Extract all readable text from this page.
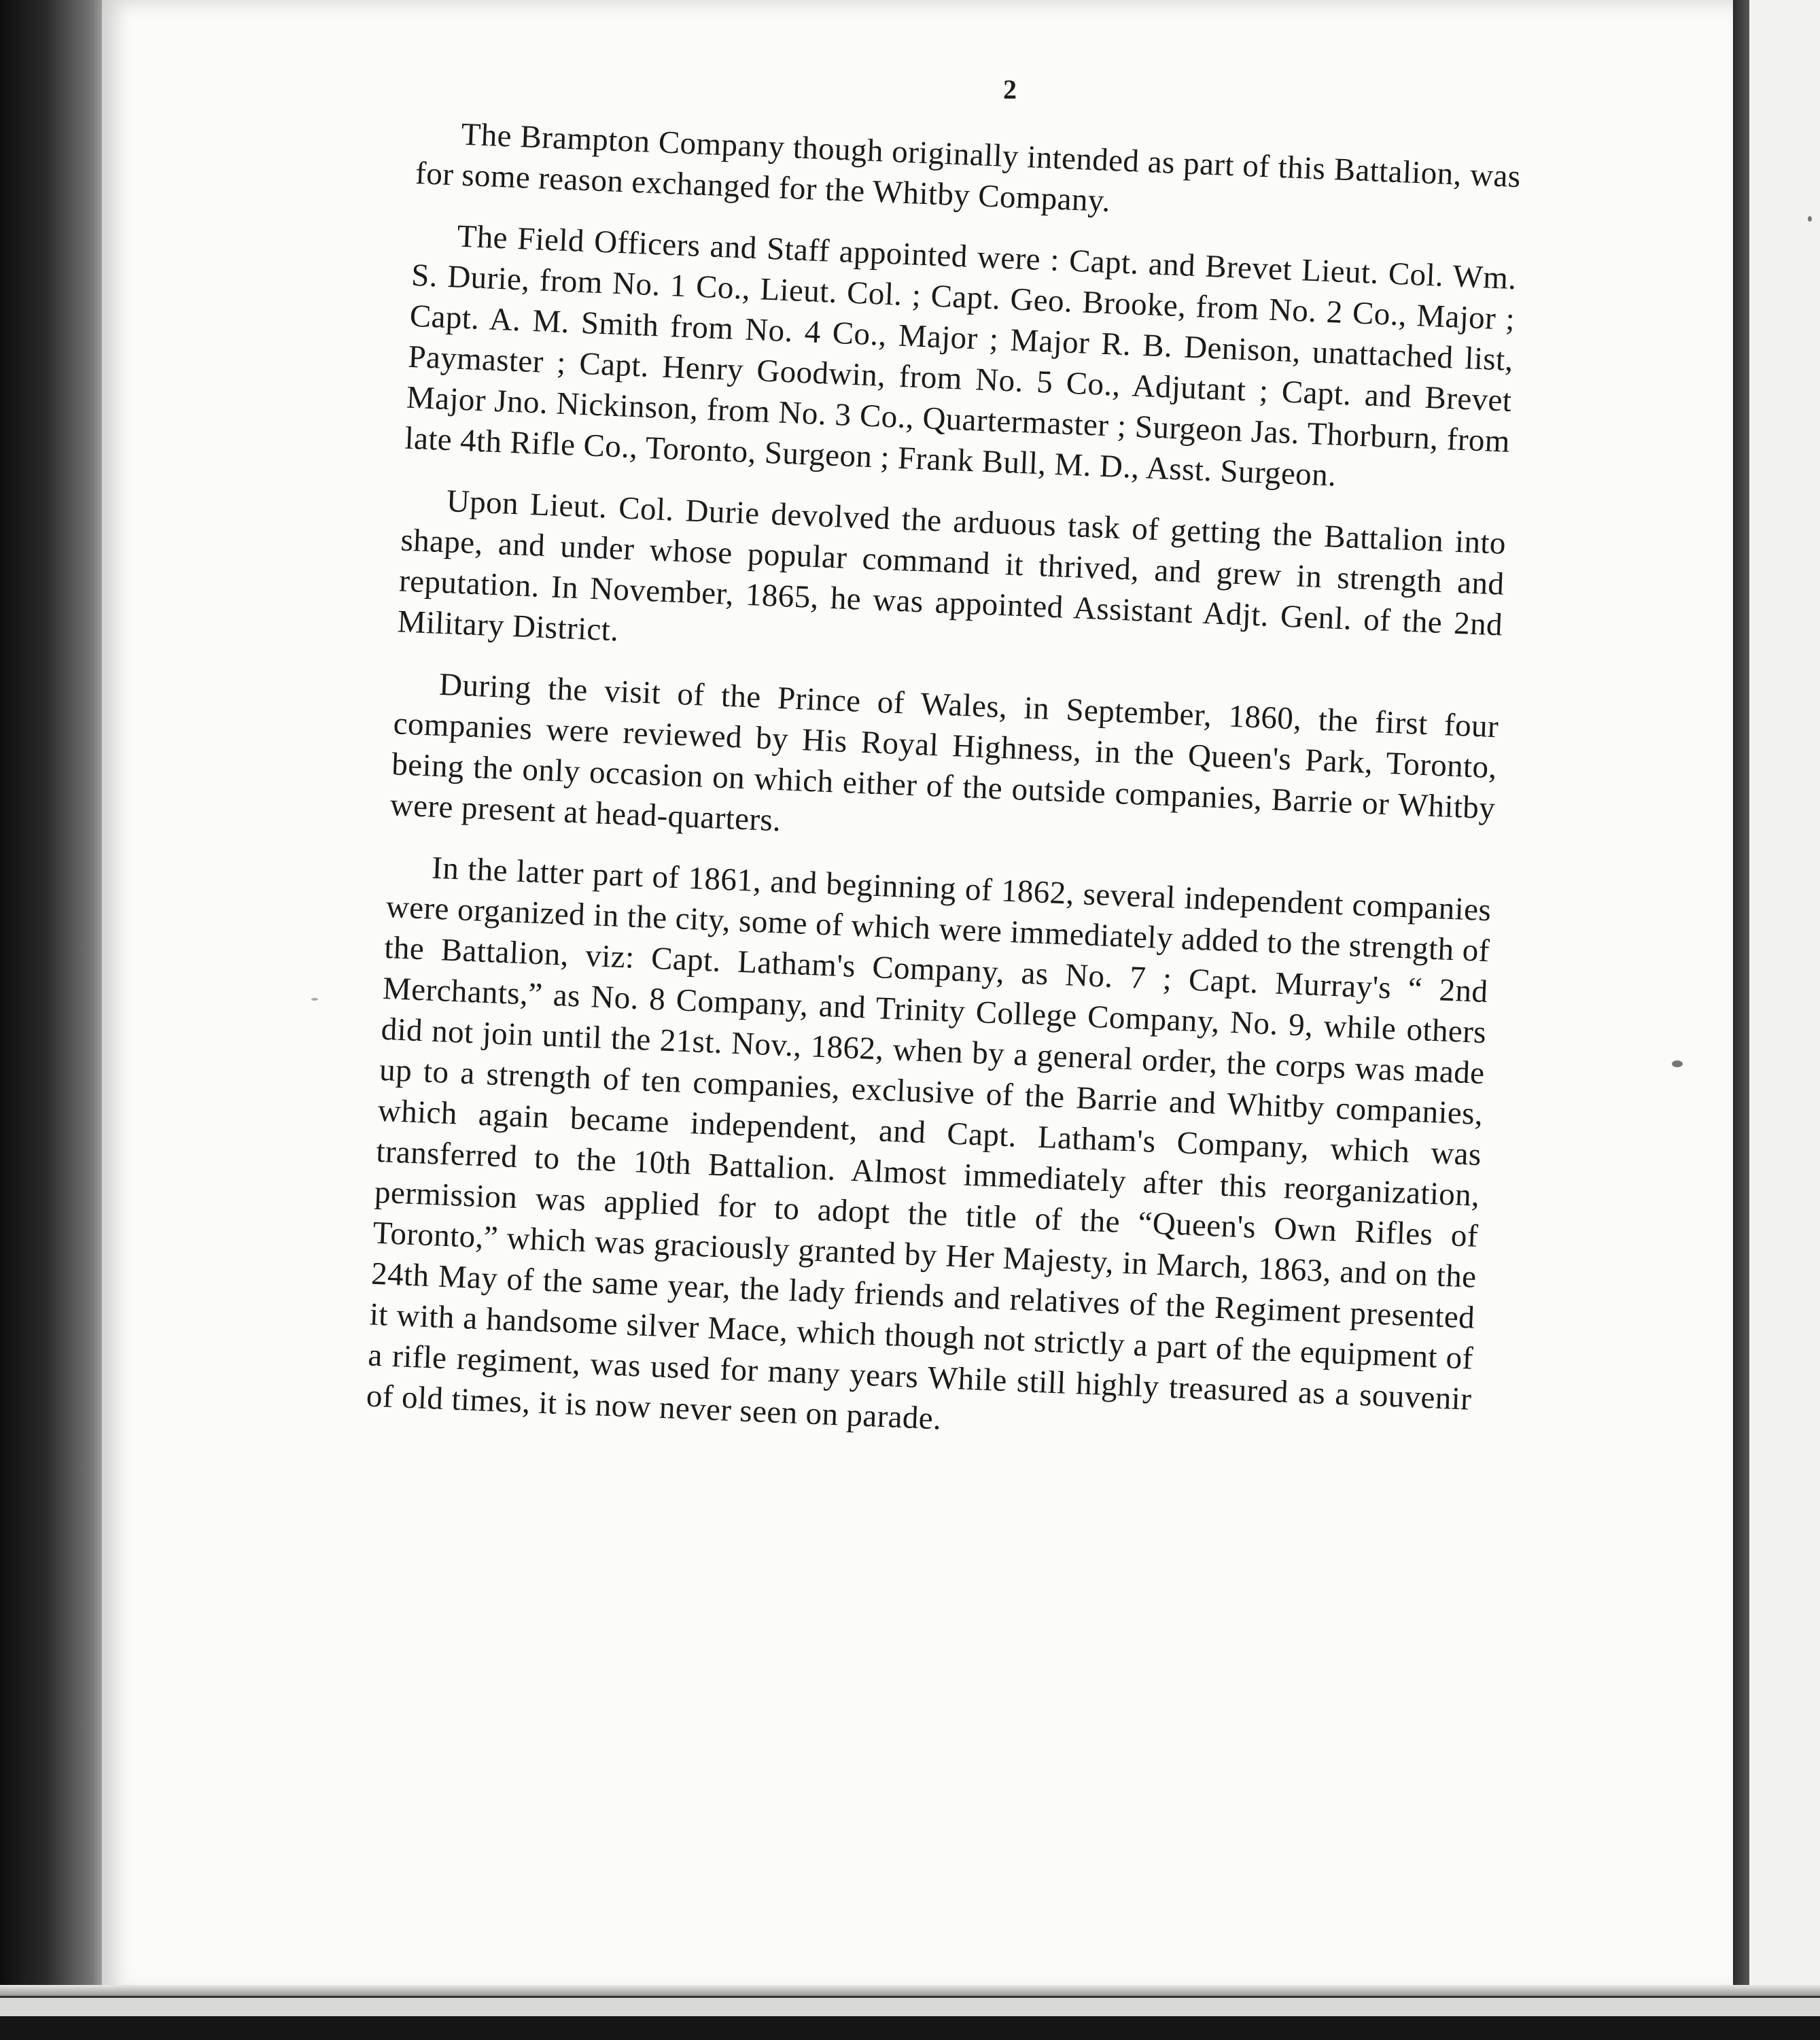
2

The Brampton Company though originally intended as part of this Battalion, was for some reason exchanged for the Whitby Company.

The Field Officers and Staff appointed were : Capt. and Brevet Lieut. Col. Wm. S. Durie, from No. 1 Co., Lieut. Col. ; Capt. Geo. Brooke, from No. 2 Co., Major ; Capt. A. M. Smith from No. 4 Co., Major ; Major R. B. Denison, unattached list, Paymaster ; Capt. Henry Goodwin, from No. 5 Co., Adjutant ; Capt. and Brevet Major Jno. Nickinson, from No. 3 Co., Quartermaster ; Surgeon Jas. Thorburn, from late 4th Rifle Co., Toronto, Surgeon ; Frank Bull, M. D., Asst. Surgeon.

Upon Lieut. Col. Durie devolved the arduous task of getting the Battalion into shape, and under whose popular command it thrived, and grew in strength and reputation. In November, 1865, he was appointed Assistant Adjt. Genl. of the 2nd Military District.

During the visit of the Prince of Wales, in September, 1860, the first four companies were reviewed by His Royal Highness, in the Queen's Park, Toronto, being the only occasion on which either of the outside companies, Barrie or Whitby were present at head-quarters.

In the latter part of 1861, and beginning of 1862, several independent companies were organized in the city, some of which were immediately added to the strength of the Battalion, viz: Capt. Latham's Company, as No. 7 ; Capt. Murray's “ 2nd Merchants,” as No. 8 Company, and Trinity College Company, No. 9, while others did not join until the 21st. Nov., 1862, when by a general order, the corps was made up to a strength of ten companies, exclusive of the Barrie and Whitby companies, which again became independent, and Capt. Latham's Company, which was transferred to the 10th Battalion. Almost immediately after this reorganization, permission was applied for to adopt the title of the “Queen's Own Rifles of Toronto,” which was graciously granted by Her Majesty, in March, 1863, and on the 24th May of the same year, the lady friends and relatives of the Regiment presented it with a handsome silver Mace, which though not strictly a part of the equipment of a rifle regiment, was used for many years While still highly treasured as a souvenir of old times, it is now never seen on parade.
